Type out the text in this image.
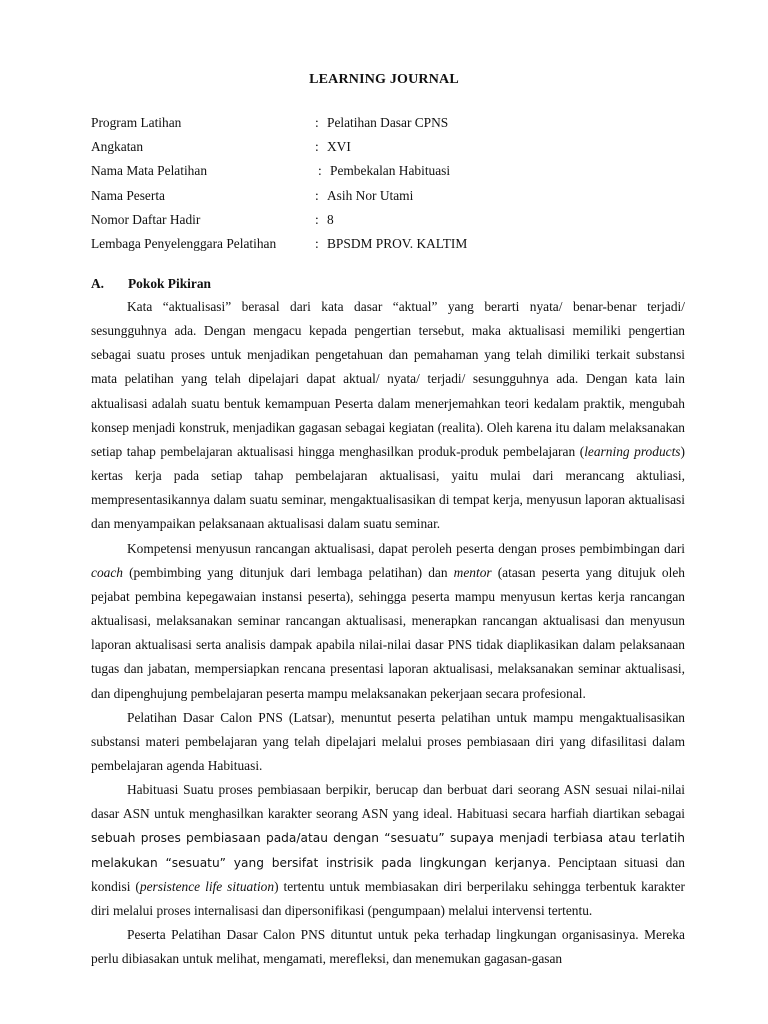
LEARNING JOURNAL
Program Latihan	: Pelatihan Dasar CPNS
Angkatan	: XVI
Nama Mata Pelatihan	: Pembekalan Habituasi
Nama Peserta	: Asih Nor Utami
Nomor Daftar Hadir	: 8
Lembaga Penyelenggara Pelatihan	: BPSDM PROV. KALTIM
A.	Pokok Pikiran

Kata “aktualisasi” berasal dari kata dasar “aktual” yang berarti nyata/ benar-benar terjadi/ sesungguhnya ada. Dengan mengacu kepada pengertian tersebut, maka aktualisasi memiliki pengertian sebagai suatu proses untuk menjadikan pengetahuan dan pemahaman yang telah dimiliki terkait substansi mata pelatihan yang telah dipelajari dapat aktual/ nyata/ terjadi/ sesungguhnya ada. Dengan kata lain aktualisasi adalah suatu bentuk kemampuan Peserta dalam menerjemahkan teori kedalam praktik, mengubah konsep menjadi konstruk, menjadikan gagasan sebagai kegiatan (realita). Oleh karena itu dalam melaksanakan setiap tahap pembelajaran aktualisasi hingga menghasilkan produk-produk pembelajaran (learning products) kertas kerja pada setiap tahap pembelajaran aktualisasi, yaitu mulai dari merancang aktuliasi, mempresentasikannya dalam suatu seminar, mengaktualisasikan di tempat kerja, menyusun laporan aktualisasi dan menyampaikan pelaksanaan aktualisasi dalam suatu seminar.

Kompetensi menyusun rancangan aktualisasi, dapat peroleh peserta dengan proses pembimbingan dari coach (pembimbing yang ditunjuk dari lembaga pelatihan) dan mentor (atasan peserta yang ditujuk oleh pejabat pembina kepegawaian instansi peserta), sehingga peserta mampu menyusun kertas kerja rancangan aktualisasi, melaksanakan seminar rancangan aktualisasi, menerapkan rancangan aktualisasi dan menyusun laporan aktualisasi serta analisis dampak apabila nilai-nilai dasar PNS tidak diaplikasikan dalam pelaksanaan tugas dan jabatan, mempersiapkan rencana presentasi laporan aktualisasi, melaksanakan seminar aktualisasi, dan dipenghujung pembelajaran peserta mampu melaksanakan pekerjaan secara profesional.

Pelatihan Dasar Calon PNS (Latsar), menuntut peserta pelatihan untuk mampu mengaktualisasikan substansi materi pembelajaran yang telah dipelajari melalui proses pembiasaan diri yang difasilitasi dalam pembelajaran agenda Habituasi.

Habituasi Suatu proses pembiasaan berpikir, berucap dan berbuat dari seorang ASN sesuai nilai-nilai dasar ASN untuk menghasilkan karakter seorang ASN yang ideal. Habituasi secara harfiah diartikan sebagai sebuah proses pembiasaan pada/atau dengan “sesuatu” supaya menjadi terbiasa atau terlatih melakukan “sesuatu” yang bersifat instrisik pada lingkungan kerjanya. Penciptaan situasi dan kondisi (persistence life situation) tertentu untuk membiasakan diri berperilaku sehingga terbentuk karakter diri melalui proses internalisasi dan dipersonifikasi (pengumpaan) melalui intervensi tertentu.

Peserta Pelatihan Dasar Calon PNS dituntut untuk peka terhadap lingkungan organisasinya. Mereka perlu dibiasakan untuk melihat, mengamati, merefleksi, dan menemukan gagasan-gasan
